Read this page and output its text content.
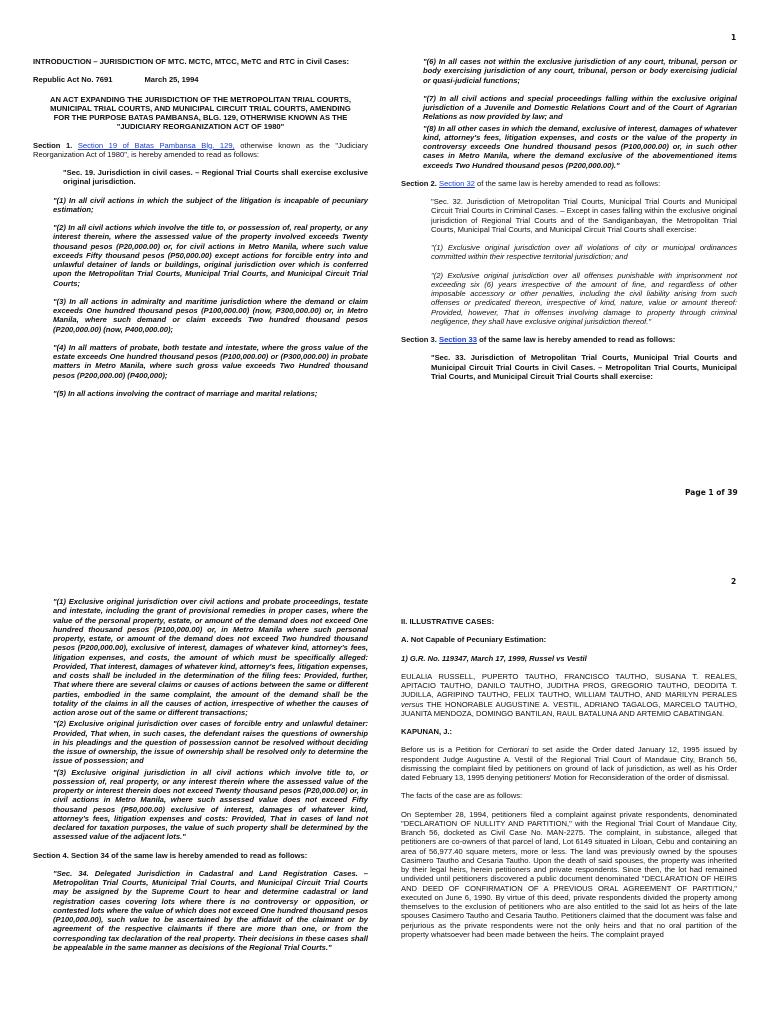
1

INTRODUCTION – JURISDICTION OF MTC. MCTC, MTCC, MeTC and RTC in Civil Cases:

Republic Act No. 7691	March 25, 1994

AN ACT EXPANDING THE JURISDICTION OF THE METROPOLITAN TRIAL COURTS, MUNICIPAL TRIAL COURTS, AND MUNICIPAL CIRCUIT TRIAL COURTS, AMENDING FOR THE PURPOSE BATAS PAMBANSA, BLG. 129, OTHERWISE KNOWN AS THE "JUDICIARY REORGANIZATION ACT OF 1980"

Section 1. Section 19 of Batas Pambansa Blg. 129, otherwise known as the "Judiciary Reorganization Act of 1980", is hereby amended to read as follows:

"Sec. 19. Jurisdiction in civil cases. – Regional Trial Courts shall exercise exclusive original jurisdiction.

"(1) In all civil actions in which the subject of the litigation is incapable of pecuniary estimation;

"(2) In all civil actions which involve the title to, or possession of, real property, or any interest therein, where the assessed value of the property involved exceeds Twenty thousand pesos (P20,000.00) or, for civil actions in Metro Manila, where such value exceeds Fifty thousand pesos (P50,000.00) except actions for forcible entry into and unlawful detainer of lands or buildings, original jurisdiction over which is conferred upon the Metropolitan Trial Courts, Municipal Trial Courts, and Municipal Circuit Trial Courts;

"(3) In all actions in admiralty and maritime jurisdiction where the demand or claim exceeds One hundred thousand pesos (P100,000.00) (now, P300,000.00) or, in Metro Manila, where such demand or claim exceeds Two hundred thousand pesos (P200,000.00) (now, P400,000.00);

"(4) In all matters of probate, both testate and intestate, where the gross value of the estate exceeds One hundred thousand pesos (P100,000.00) or (P300,000.00) in probate matters in Metro Manila, where such gross value exceeds Two Hundred thousand pesos (P200,000.00) (P400,000);

"(5) In all actions involving the contract of marriage and marital relations;

"(6) In all cases not within the exclusive jurisdiction of any court, tribunal, person or body exercising jurisdiction of any court, tribunal, person or body exercising judicial or quasi-judicial functions;

"(7) In all civil actions and special proceedings falling within the exclusive original jurisdiction of a Juvenile and Domestic Relations Court and of the Court of Agrarian Relations as now provided by law; and

"(8) In all other cases in which the demand, exclusive of interest, damages of whatever kind, attorney's fees, litigation expenses, and costs or the value of the property in controversy exceeds One hundred thousand pesos (P100,000.00) or, in such other cases in Metro Manila, where the demand exclusive of the abovementioned items exceeds Two Hundred thousand pesos (P200,000.00)."

Section 2. Section 32 of the same law is hereby amended to read as follows:

"Sec. 32. Jurisdiction of Metropolitan Trial Courts, Municipal Trial Courts and Municipal Circuit Trial Courts in Criminal Cases. – Except in cases falling within the exclusive original jurisdiction of Regional Trial Courts and of the Sandiganbayan, the Metropolitan Trial Courts, Municipal Trial Courts, and Municipal Circuit Trial Courts shall exercise:

"(1) Exclusive original jurisdiction over all violations of city or municipal ordinances committed within their respective territorial jurisdiction; and

"(2) Exclusive original jurisdiction over all offenses punishable with imprisonment not exceeding six (6) years irrespective of the amount of fine, and regardless of other imposable accessory or other penalties, including the civil liability arising from such offenses or predicated thereon, irrespective of kind, nature, value or amount thereof: Provided, however, That in offenses involving damage to property through criminal negligence, they shall have exclusive original jurisdiction thereof."

Section 3. Section 33 of the same law is hereby amended to read as follows:

"Sec. 33. Jurisdiction of Metropolitan Trial Courts, Municipal Trial Courts and Municipal Circuit Trial Courts in Civil Cases. – Metropolitan Trial Courts, Municipal Trial Courts, and Municipal Circuit Trial Courts shall exercise:

Page 1 of 39
2

"(1) Exclusive original jurisdiction over civil actions and probate proceedings, testate and intestate, including the grant of provisional remedies in proper cases, where the value of the personal property, estate, or amount of the demand does not exceed One hundred thousand pesos (P100,000.00) or, in Metro Manila where such personal property, estate, or amount of the demand does not exceed Two hundred thousand pesos (P200,000.00), exclusive of interest, damages of whatever kind, attorney's fees, litigation expenses, and costs, the amount of which must be specifically alleged: Provided, That interest, damages of whatever kind, attorney's fees, litigation expenses, and costs shall be included in the determination of the filing fees: Provided, further, That where there are several claims or causes of actions between the same or different parties, embodied in the same complaint, the amount of the demand shall be the totality of the claims in all the causes of action, irrespective of whether the causes of action arose out of the same or different transactions;

"(2) Exclusive original jurisdiction over cases of forcible entry and unlawful detainer: Provided, That when, in such cases, the defendant raises the questions of ownership in his pleadings and the question of possession cannot be resolved without deciding the issue of ownership, the issue of ownership shall be resolved only to determine the issue of possession; and

"(3) Exclusive original jurisdiction in all civil actions which involve title to, or possession of, real property, or any interest therein where the assessed value of the property or interest therein does not exceed Twenty thousand pesos (P20,000.00) or, in civil actions in Metro Manila, where such assessed value does not exceed Fifty thousand pesos (P50,000.00) exclusive of interest, damages of whatever kind, attorney's fees, litigation expenses and costs: Provided, That in cases of land not declared for taxation purposes, the value of such property shall be determined by the assessed value of the adjacent lots."

Section 4. Section 34 of the same law is hereby amended to read as follows:

"Sec. 34. Delegated Jurisdiction in Cadastral and Land Registration Cases. – Metropolitan Trial Courts, Municipal Trial Courts, and Municipal Circuit Trial Courts may be assigned by the Supreme Court to hear and determine cadastral or land registration cases covering lots where there is no controversy or opposition, or contested lots where the value of which does not exceed One hundred thousand pesos (P100,000.00), such value to be ascertained by the affidavit of the claimant or by agreement of the respective claimants if there are more than one, or from the corresponding tax declaration of the real property. Their decisions in these cases shall be appealable in the same manner as decisions of the Regional Trial Courts."

II. ILLUSTRATIVE CASES:

A. Not Capable of Pecuniary Estimation:

1) G.R. No. 119347, March 17, 1999, Russel vs Vestil

EULALIA RUSSELL, PUPERTO TAUTHO, FRANCISCO TAUTHO, SUSANA T. REALES, APITACIO TAUTHO, DANILO TAUTHO, JUDITHA PROS, GREGORIO TAUTHO, DEODITA T. JUDILLA, AGRIPINO TAUTHO, FELIX TAUTHO, WILLIAM TAUTHO, AND MARILYN PERALES versus THE HONORABLE AUGUSTINE A. VESTIL, ADRIANO TAGALOG, MARCELO TAUTHO, JUANITA MENDOZA, DOMINGO BANTILAN, RAUL BATALUNA AND ARTEMIO CABATINGAN.

KAPUNAN, J.:

Before us is a Petition for Certiorari to set aside the Order dated January 12, 1995 issued by respondent Judge Augustine A. Vestil of the Regional Trial Court of Mandaue City, Branch 56, dismissing the complaint filed by petitioners on ground of lack of jurisdiction, as well as his Order dated February 13, 1995 denying petitioners' Motion for Reconsideration of the order of dismissal.

The facts of the case are as follows:

On September 28, 1994, petitioners filed a complaint against private respondents, denominated "DECLARATION OF NULLITY AND PARTITION," with the Regional Trial Court of Mandaue City, Branch 56, docketed as Civil Case No. MAN-2275. The complaint, in substance, alleged that petitioners are co-owners of that parcel of land, Lot 6149 situated in Liloan, Cebu and containing an area of 56,977.40 square meters, more or less. The land was previously owned by the spouses Casimero Tautho and Cesaria Tautho. Upon the death of said spouses, the property was inherited by their legal heirs, herein petitioners and private respondents. Since then, the lot had remained undivided until petitioners discovered a public document denominated "DECLARATION OF HEIRS AND DEED OF CONFIRMATION OF A PREVIOUS ORAL AGREEMENT OF PARTITION," executed on June 6, 1990. By virtue of this deed, private respondents divided the property among themselves to the exclusion of petitioners who are also entitled to the said lot as heirs of the late spouses Casimero Tautho and Cesaria Tautho. Petitioners claimed that the document was false and perjurious as the private respondents were not the only heirs and that no oral partition of the property whatsoever had been made between the heirs. The complaint prayed
